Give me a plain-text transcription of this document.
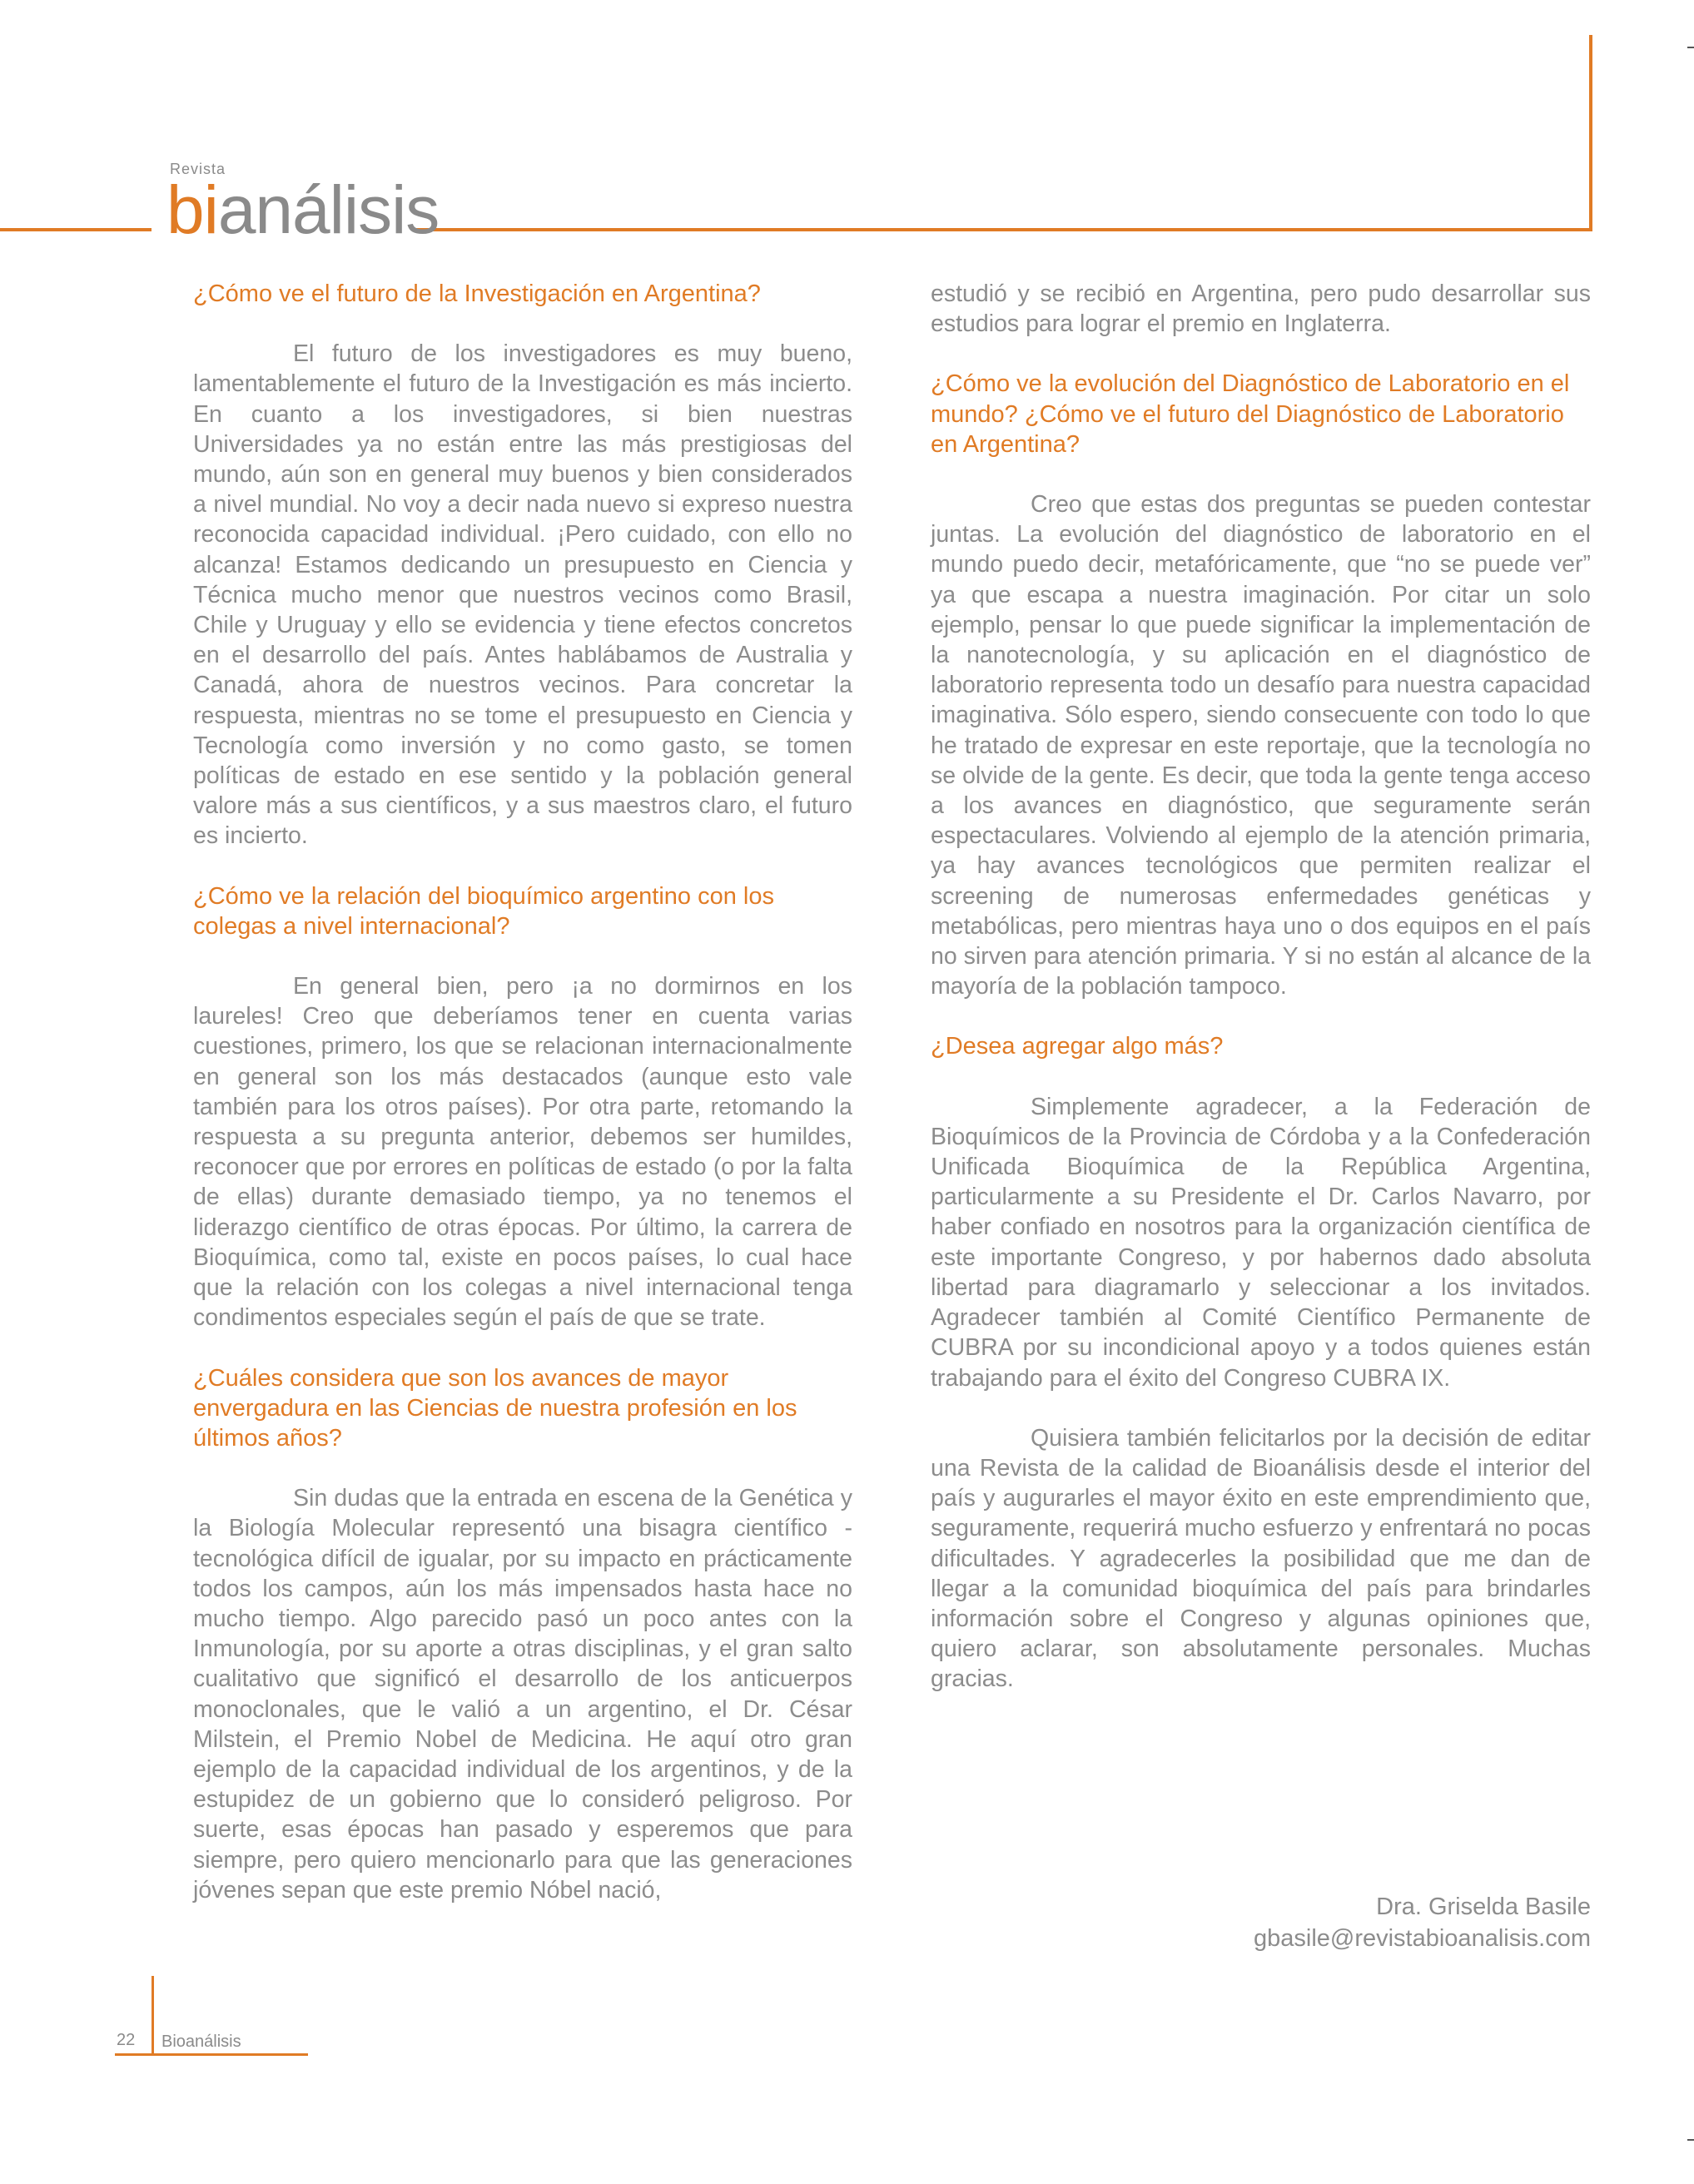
Revista
bianálisis
¿Cómo ve el futuro de la Investigación en Argentina?
El futuro de los investigadores es muy bueno, lamentablemente el futuro de la Investigación es más incierto. En cuanto a los investigadores, si bien nuestras Universidades ya no están entre las más prestigiosas del mundo, aún son en general muy buenos y bien considerados a nivel mundial. No voy a decir nada nuevo si expreso nuestra reconocida capacidad individual. ¡Pero cuidado, con ello no alcanza! Estamos dedicando un presupuesto en Ciencia y Técnica mucho menor que nuestros vecinos como Brasil, Chile y Uruguay y ello se evidencia y tiene efectos concretos en el desarrollo del país. Antes hablábamos de Australia y Canadá, ahora de nuestros vecinos. Para concretar la respuesta, mientras no se tome el presupuesto en Ciencia y Tecnología como inversión y no como gasto, se tomen políticas de estado en ese sentido y la población general valore más a sus científicos, y a sus maestros claro, el futuro es incierto.
¿Cómo ve la relación del bioquímico argentino con los colegas a nivel internacional?
En general bien, pero ¡a no dormirnos en los laureles! Creo que deberíamos tener en cuenta varias cuestiones, primero, los que se relacionan internacionalmente en general son los más destacados (aunque esto vale también para los otros países). Por otra parte, retomando la respuesta a su pregunta anterior, debemos ser humildes, reconocer que por errores en políticas de estado (o por la falta de ellas) durante demasiado tiempo, ya no tenemos el liderazgo científico de otras épocas. Por último, la carrera de Bioquímica, como tal, existe en pocos países, lo cual hace que la relación con los colegas a nivel internacional tenga condimentos especiales según el país de que se trate.
¿Cuáles considera que son los avances de mayor envergadura en las Ciencias de nuestra profesión en los últimos años?
Sin dudas que la entrada en escena de la Genética y la Biología Molecular representó una bisagra científico - tecnológica difícil de igualar, por su impacto en prácticamente todos los campos, aún los más impensados hasta hace no mucho tiempo. Algo parecido pasó un poco antes con la Inmunología, por su aporte a otras disciplinas, y el gran salto cualitativo que significó el desarrollo de los anticuerpos monoclonales, que le valió a un argentino, el Dr. César Milstein, el Premio Nobel de Medicina. He aquí otro gran ejemplo de la capacidad individual de los argentinos, y de la estupidez de un gobierno que lo consideró peligroso. Por suerte, esas épocas han pasado y esperemos que para siempre, pero quiero mencionarlo para que las generaciones jóvenes sepan que este premio Nóbel nació,
estudió y se recibió en Argentina, pero pudo desarrollar sus estudios para lograr el premio en Inglaterra.
¿Cómo ve la evolución del Diagnóstico de Laboratorio en el mundo? ¿Cómo ve el futuro del Diagnóstico de Laboratorio en Argentina?
Creo que estas dos preguntas se pueden contestar juntas. La evolución del diagnóstico de laboratorio en el mundo puedo decir, metafóricamente, que “no se puede ver” ya que escapa a nuestra imaginación. Por citar un solo ejemplo, pensar lo que puede significar la implementación de la nanotecnología, y su aplicación en el diagnóstico de laboratorio representa todo un desafío para nuestra capacidad imaginativa. Sólo espero, siendo consecuente con todo lo que he tratado de expresar en este reportaje, que la tecnología no se olvide de la gente. Es decir, que toda la gente tenga acceso a los avances en diagnóstico, que seguramente serán espectaculares. Volviendo al ejemplo de la atención primaria, ya hay avances tecnológicos que permiten realizar el screening de numerosas enfermedades genéticas y metabólicas, pero mientras haya uno o dos equipos en el país no sirven para atención primaria. Y si no están al alcance de la mayoría de la población tampoco.
¿Desea agregar algo más?
Simplemente agradecer, a la Federación de Bioquímicos de la Provincia de Córdoba y a la Confederación Unificada Bioquímica de la República Argentina, particularmente a su Presidente el Dr. Carlos Navarro, por haber confiado en nosotros para la organización científica de este importante Congreso, y por habernos dado absoluta libertad para diagramarlo y seleccionar a los invitados. Agradecer también al Comité Científico Permanente de CUBRA por su incondicional apoyo y a todos quienes están trabajando para el éxito del Congreso CUBRA IX.
Quisiera también felicitarlos por la decisión de editar una Revista de la calidad de Bioanálisis desde el interior del país y augurarles el mayor éxito en este emprendimiento que, seguramente, requerirá mucho esfuerzo y enfrentará no pocas dificultades. Y agradecerles la posibilidad que me dan de llegar a la comunidad bioquímica del país para brindarles información sobre el Congreso y algunas opiniones que, quiero aclarar, son absolutamente personales. Muchas gracias.
Dra. Griselda Basile
gbasile@revistabioanalisis.com
22 Bioanálisis
